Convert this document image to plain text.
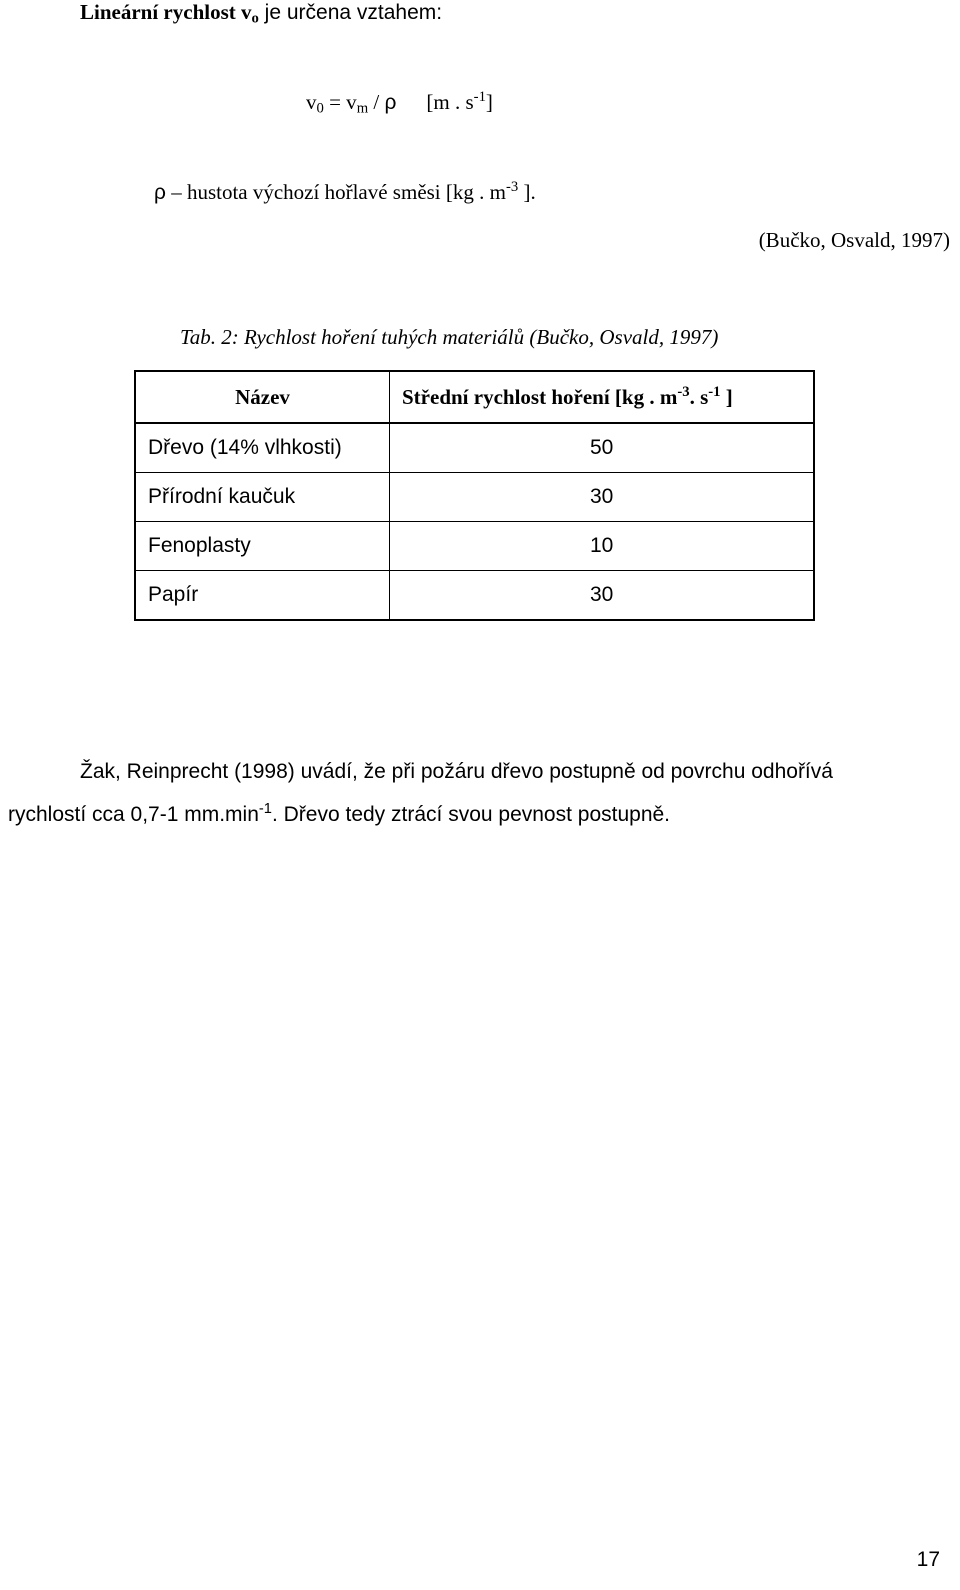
Lineární rychlost $v_o$ je určena vztahem:
$v_0 = v_m / \rho$ [m . $s^{-1}$]
ρ – hustota výchozí hořlavé směsi [kg . $m^{-3}$ ].
(Bučko, Osvald, 1997)
Tab. 2: Rychlost hoření tuhých materiálů (Bučko, Osvald, 1997)
Název	Střední rychlost hoření [kg . $m^{-3}$. $s^{-1}$ ]
Dřevo (14% vlhkosti)	50
Přírodní kaučuk	30
Fenoplasty	10
Papír	30
Žak, Reinprecht (1998) uvádí, že při požáru dřevo postupně od povrchu odhořívá
rychlostí cca 0,7-1 $mm.\min^{-1}$. Dřevo tedy ztrácí svou pevnost postupně.
17
